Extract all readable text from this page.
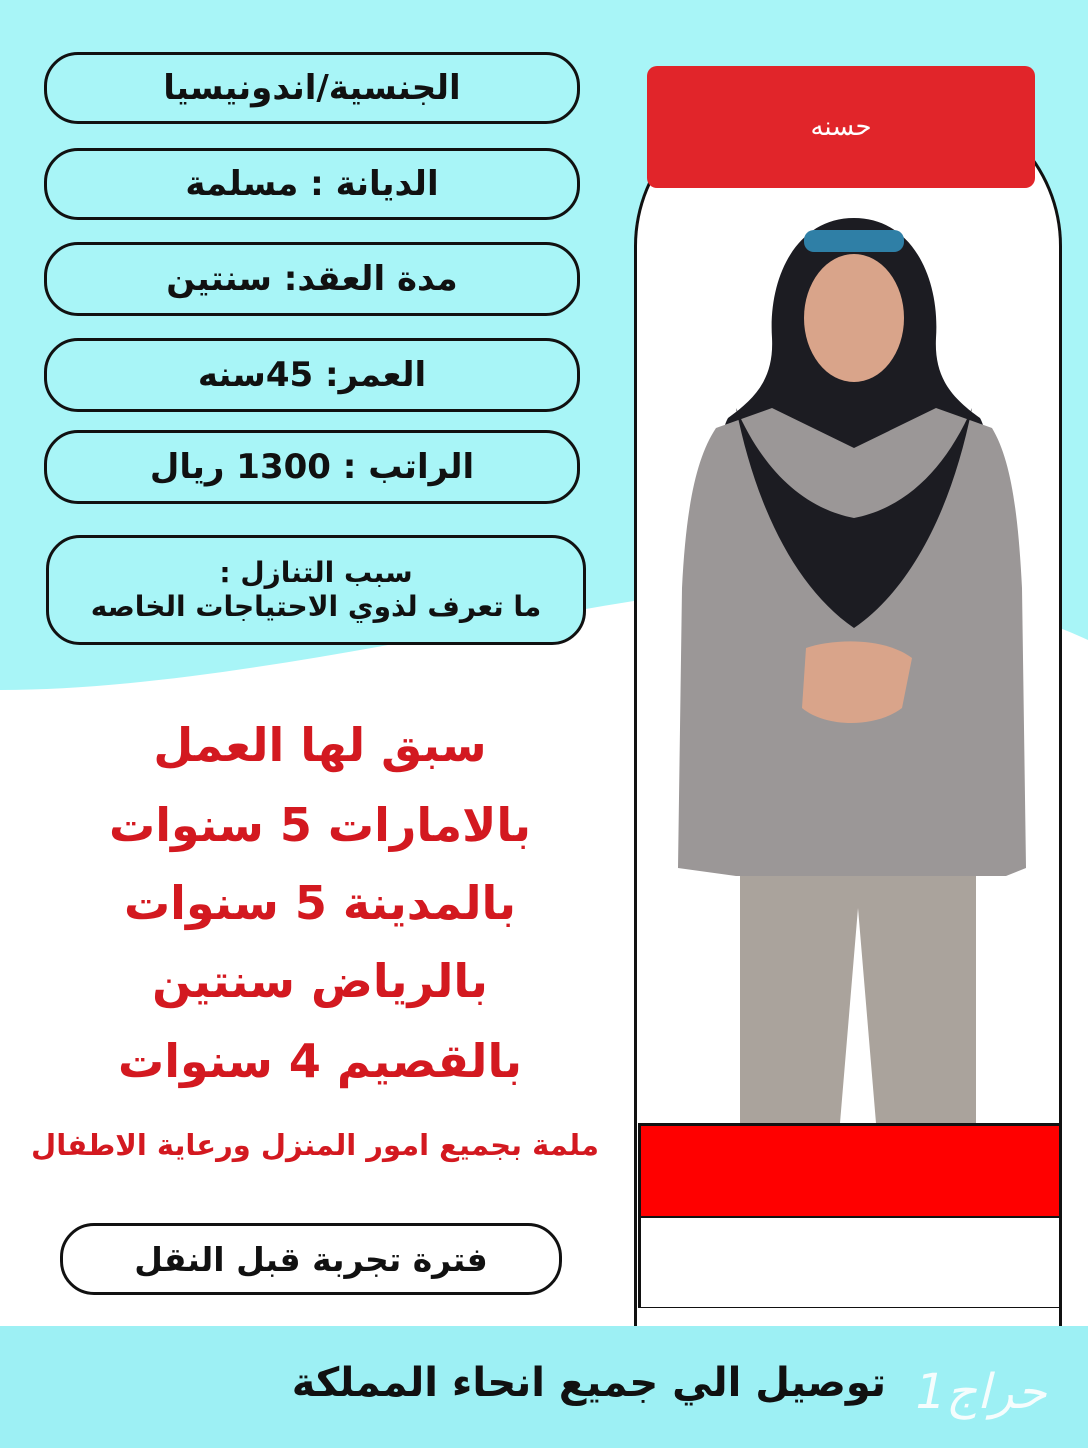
الجنسية/اندونيسيا
الديانة : مسلمة
مدة العقد: سنتين
العمر: 45سنه
الراتب : 1300 ريال
سبب التنازل :
ما تعرف لذوي الاحتياجات الخاصه
سبق لها العمل
بالامارات 5 سنوات
بالمدينة 5 سنوات
بالرياض سنتين
بالقصيم 4 سنوات
ملمة بجميع امور المنزل ورعاية الاطفال
فترة تجربة قبل النقل
حسنه
توصيل الي جميع انحاء المملكة حراج1
